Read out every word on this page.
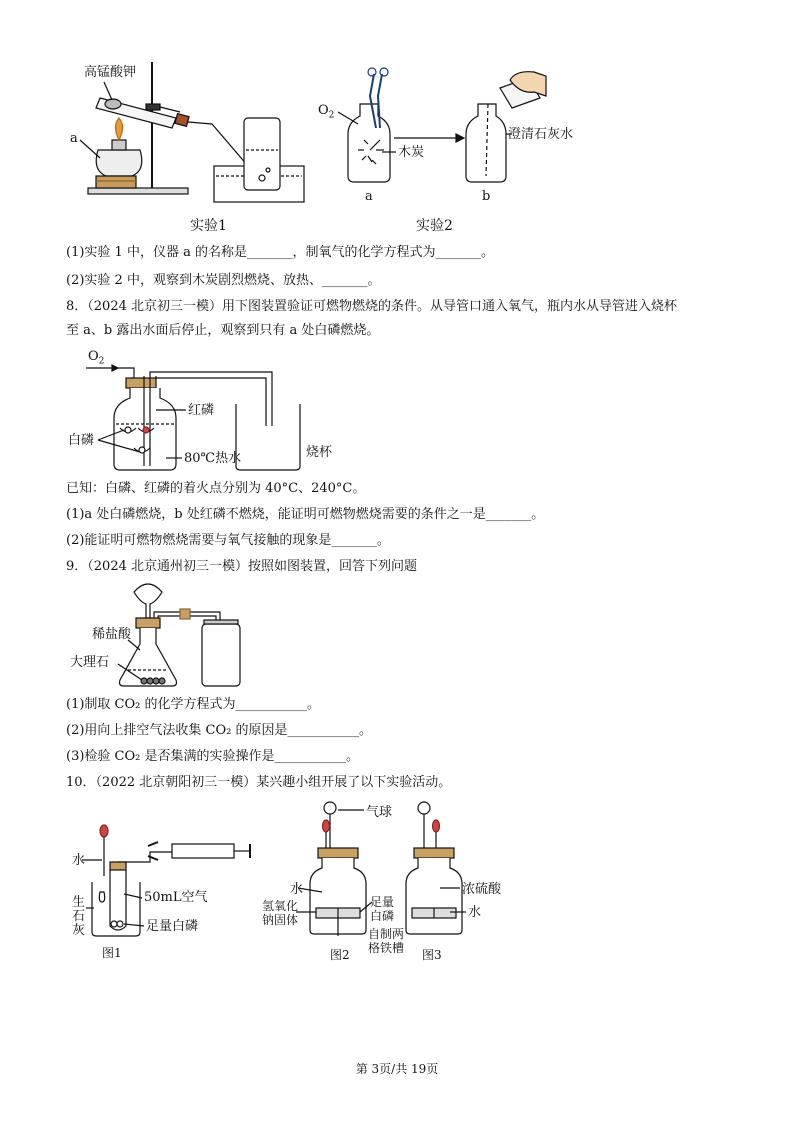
高锰酸钾
a
实验1
$O_2$
木炭
澄清石灰水
a	b
实验2
(1)实验 1 中，仪器 a 的名称是_______，制氧气的化学方程式为_______。
(2)实验 2 中，观察到木炭剧烈燃烧、放热、_______。
8．（2024 北京初三一模）用下图装置验证可燃物燃烧的条件。从导管口通入氧气，瓶内水从导管进入烧杯
至 a、b 露出水面后停止，观察到只有 a 处白磷燃烧。
$O_2$
红磷
白磷
80℃热水	烧杯
已知：白磷、红磷的着火点分别为 40°C、240°C。
(1)a 处白磷燃烧，b 处红磷不燃烧，能证明可燃物燃烧需要的条件之一是_______。
(2)能证明可燃物燃烧需要与氧气接触的现象是_______。
9．（2024 北京通州初三一模）按照如图装置，回答下列问题
稀盐酸
大理石
(1)制取 CO₂ 的化学方程式为___________。
(2)用向上排空气法收集 CO₂ 的原因是___________。
(3)检验 CO₂ 是否集满的实验操作是___________。
10．（2022 北京朝阳初三一模）某兴趣小组开展了以下实验活动。
水
生
石
灰
50mL空气
足量白磷
图1
气球
水
氢氧化
钠固体
足量
白磷
自制两
格铁槽
图2
浓硫酸
水
图3
第 3页/共 19页
